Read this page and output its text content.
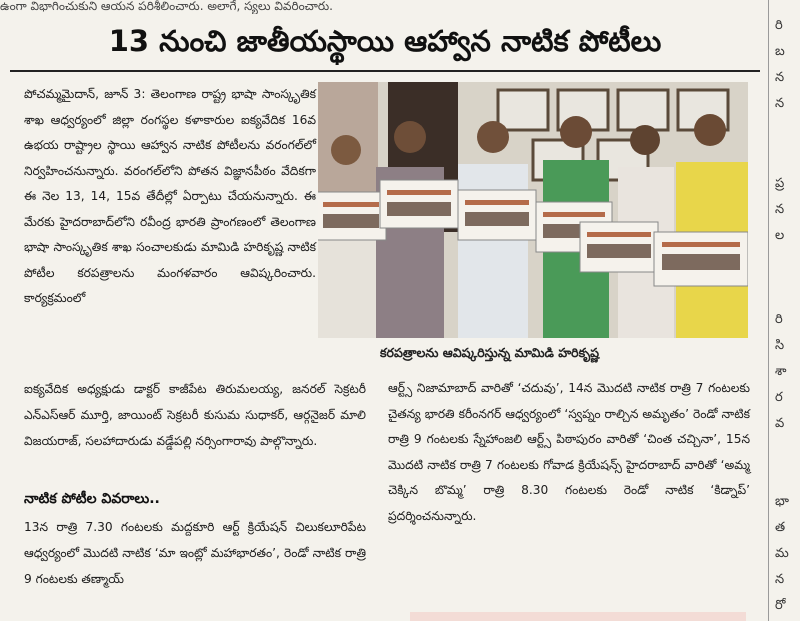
ఉంగా విభాగించుకుని ఆయన పరిశీలించారు. అలాగే, స్యలు వివరించారు.
రి
బ
న
న
ప్ర
న
ల
రి
సి
శా
ర
వ
భా
త
మ
న
రో
13 నుంచి జాతీయస్థాయి ఆహ్వాన నాటిక పోటీలు
పోచమ్మమైదాన్‌, జూన్‌ 3: తెలంగాణ రాష్ట్ర భాషా సాంస్కృతిక శాఖ ఆధ్వర్యంలో జిల్లా రంగస్థల కళాకారుల ఐక్యవేదిక 16వ ఉభయ రాష్ట్రాల స్థాయి ఆహ్వాన నాటిక పోటీలను వరంగల్‌లో నిర్వహించనున్నారు. వరంగల్‌లోని పోతన విజ్ఞానపీఠం వేదికగా ఈ నెల 13, 14, 15వ తేదీల్లో ఏర్పాటు చేయనున్నారు. ఈ మేరకు హైదరాబాద్‌లోని రవీంద్ర భారతి ప్రాంగణంలో తెలంగాణ భాషా సాంస్కృతిక శాఖ సంచాలకుడు మామిడి హరికృష్ణ నాటిక పోటీల కరపత్రాలను మంగళవారం ఆవిష్కరించారు. కార్యక్రమంలో
కరపత్రాలను ఆవిష్కరిస్తున్న మామిడి హరికృష్ణ
ఐక్యవేదిక అధ్యక్షుడు డాక్టర్‌ కాజీపేట తిరుమలయ్య, జనరల్‌ సెక్రటరీ ఎన్‌ఎస్‌ఆర్‌ మూర్తి, జాయింట్‌ సెక్రటరీ కుసుమ సుధాకర్‌, ఆర్గనైజర్‌ మాలి విజయరాజ్‌, సలహాదారుడు వడ్డేపల్లి నర్సింగారావు పాల్గొన్నారు.
నాటిక పోటీల వివరాలు..
13న రాత్రి 7.30 గంటలకు మద్దకూరి ఆర్ట్‌ క్రియేషన్‌ చిలుకలూరిపేట ఆధ్వర్యంలో మొదటి నాటిక ‘మా ఇంట్లో మహాభారతం’, రెండో నాటిక రాత్రి 9 గంటలకు తణ్మాయ్‌
ఆర్ట్స్‌ నిజామాబాద్‌ వారితో ‘చదువు’, 14న మొదటి నాటిక రాత్రి 7 గంటలకు చైతన్య భారతి కరీంనగర్‌ ఆధ్వర్యంలో ‘స్వప్నం రాల్చిన అమృతం’ రెండో నాటిక రాత్రి 9 గంటలకు స్నేహాంజలి ఆర్ట్స్‌ పిఠాపురం వారితో ‘చింత చచ్చినా’, 15న మొదటి నాటిక రాత్రి 7 గంటలకు గోవాడ క్రియేషన్స్‌ హైదరాబాద్‌ వారితో ‘అమ్మ చెక్కిన బొమ్మ’ రాత్రి 8.30 గంటలకు రెండో నాటిక ‘కిడ్నాప్‌’ ప్రదర్శించనున్నారు.
